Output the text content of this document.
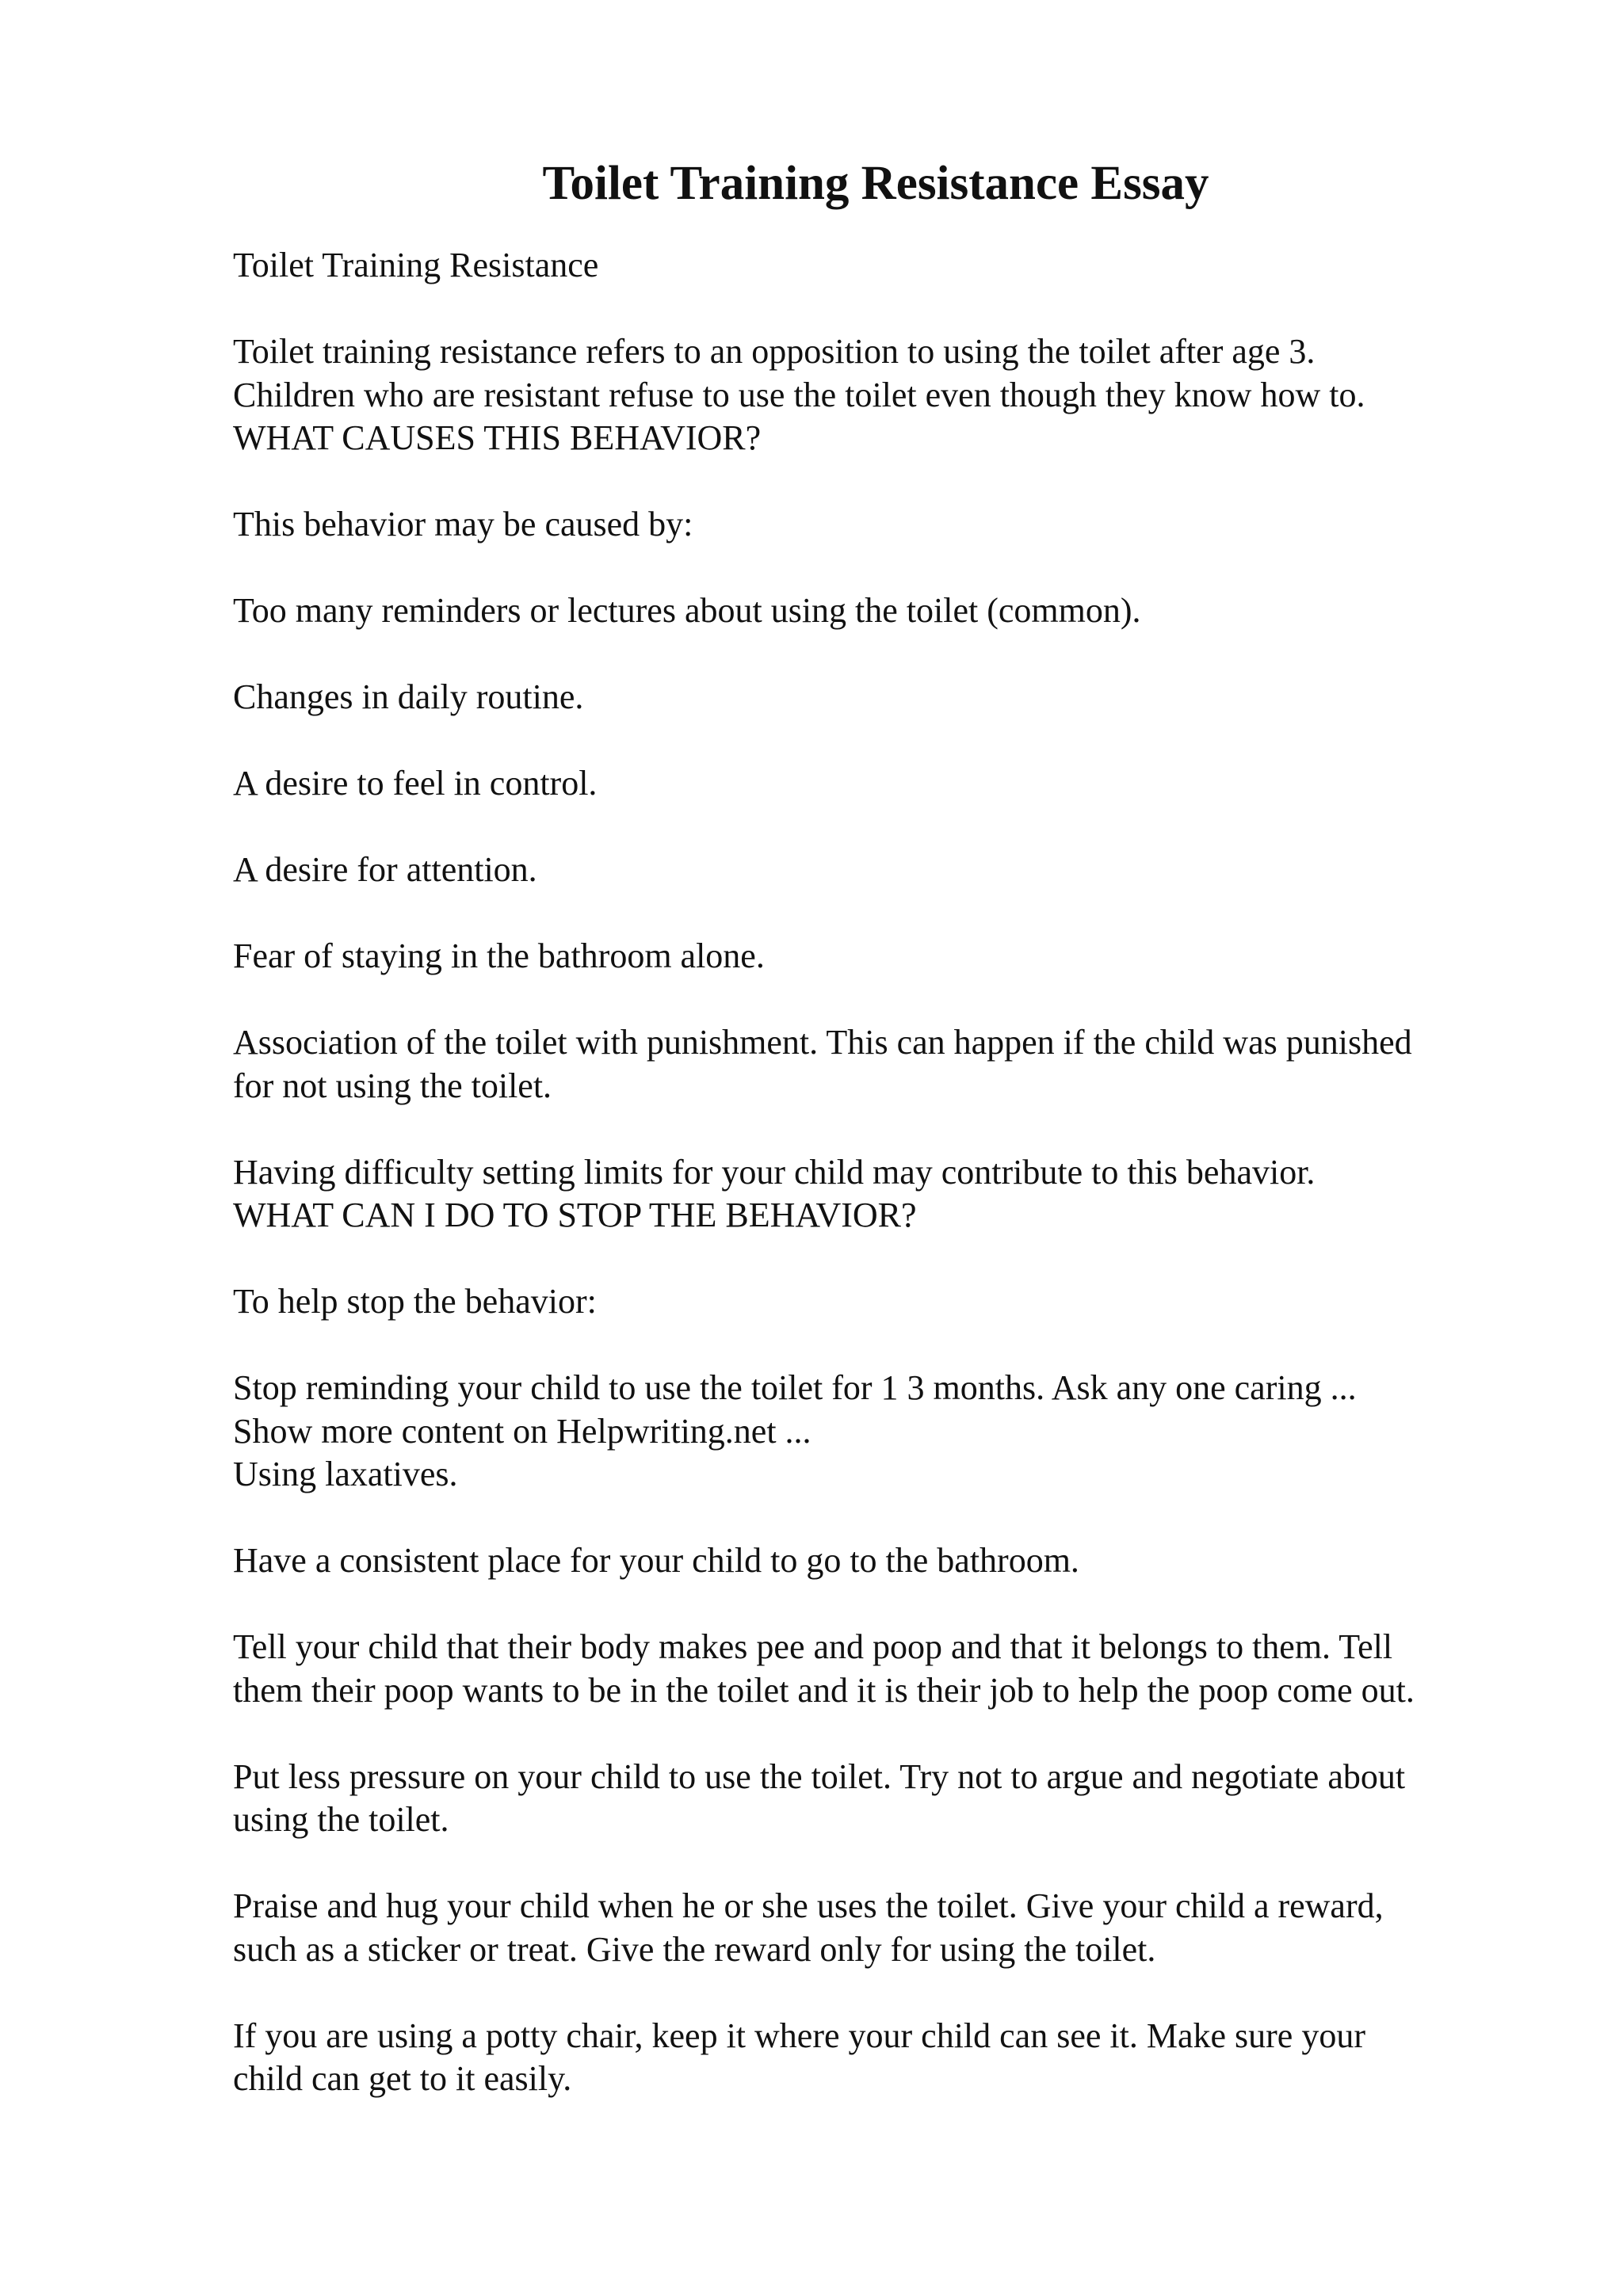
Toilet Training Resistance Essay

Toilet Training Resistance

Toilet training resistance refers to an opposition to using the toilet after age 3.
Children who are resistant refuse to use the toilet even though they know how to.
WHAT CAUSES THIS BEHAVIOR?

This behavior may be caused by:

Too many reminders or lectures about using the toilet (common).

Changes in daily routine.

A desire to feel in control.

A desire for attention.

Fear of staying in the bathroom alone.

Association of the toilet with punishment. This can happen if the child was punished
for not using the toilet.

Having difficulty setting limits for your child may contribute to this behavior.
WHAT CAN I DO TO STOP THE BEHAVIOR?

To help stop the behavior:

Stop reminding your child to use the toilet for 1 3 months. Ask any one caring ...
Show more content on Helpwriting.net ...
Using laxatives.

Have a consistent place for your child to go to the bathroom.

Tell your child that their body makes pee and poop and that it belongs to them. Tell
them their poop wants to be in the toilet and it is their job to help the poop come out.

Put less pressure on your child to use the toilet. Try not to argue and negotiate about
using the toilet.

Praise and hug your child when he or she uses the toilet. Give your child a reward,
such as a sticker or treat. Give the reward only for using the toilet.

If you are using a potty chair, keep it where your child can see it. Make sure your
child can get to it easily.
